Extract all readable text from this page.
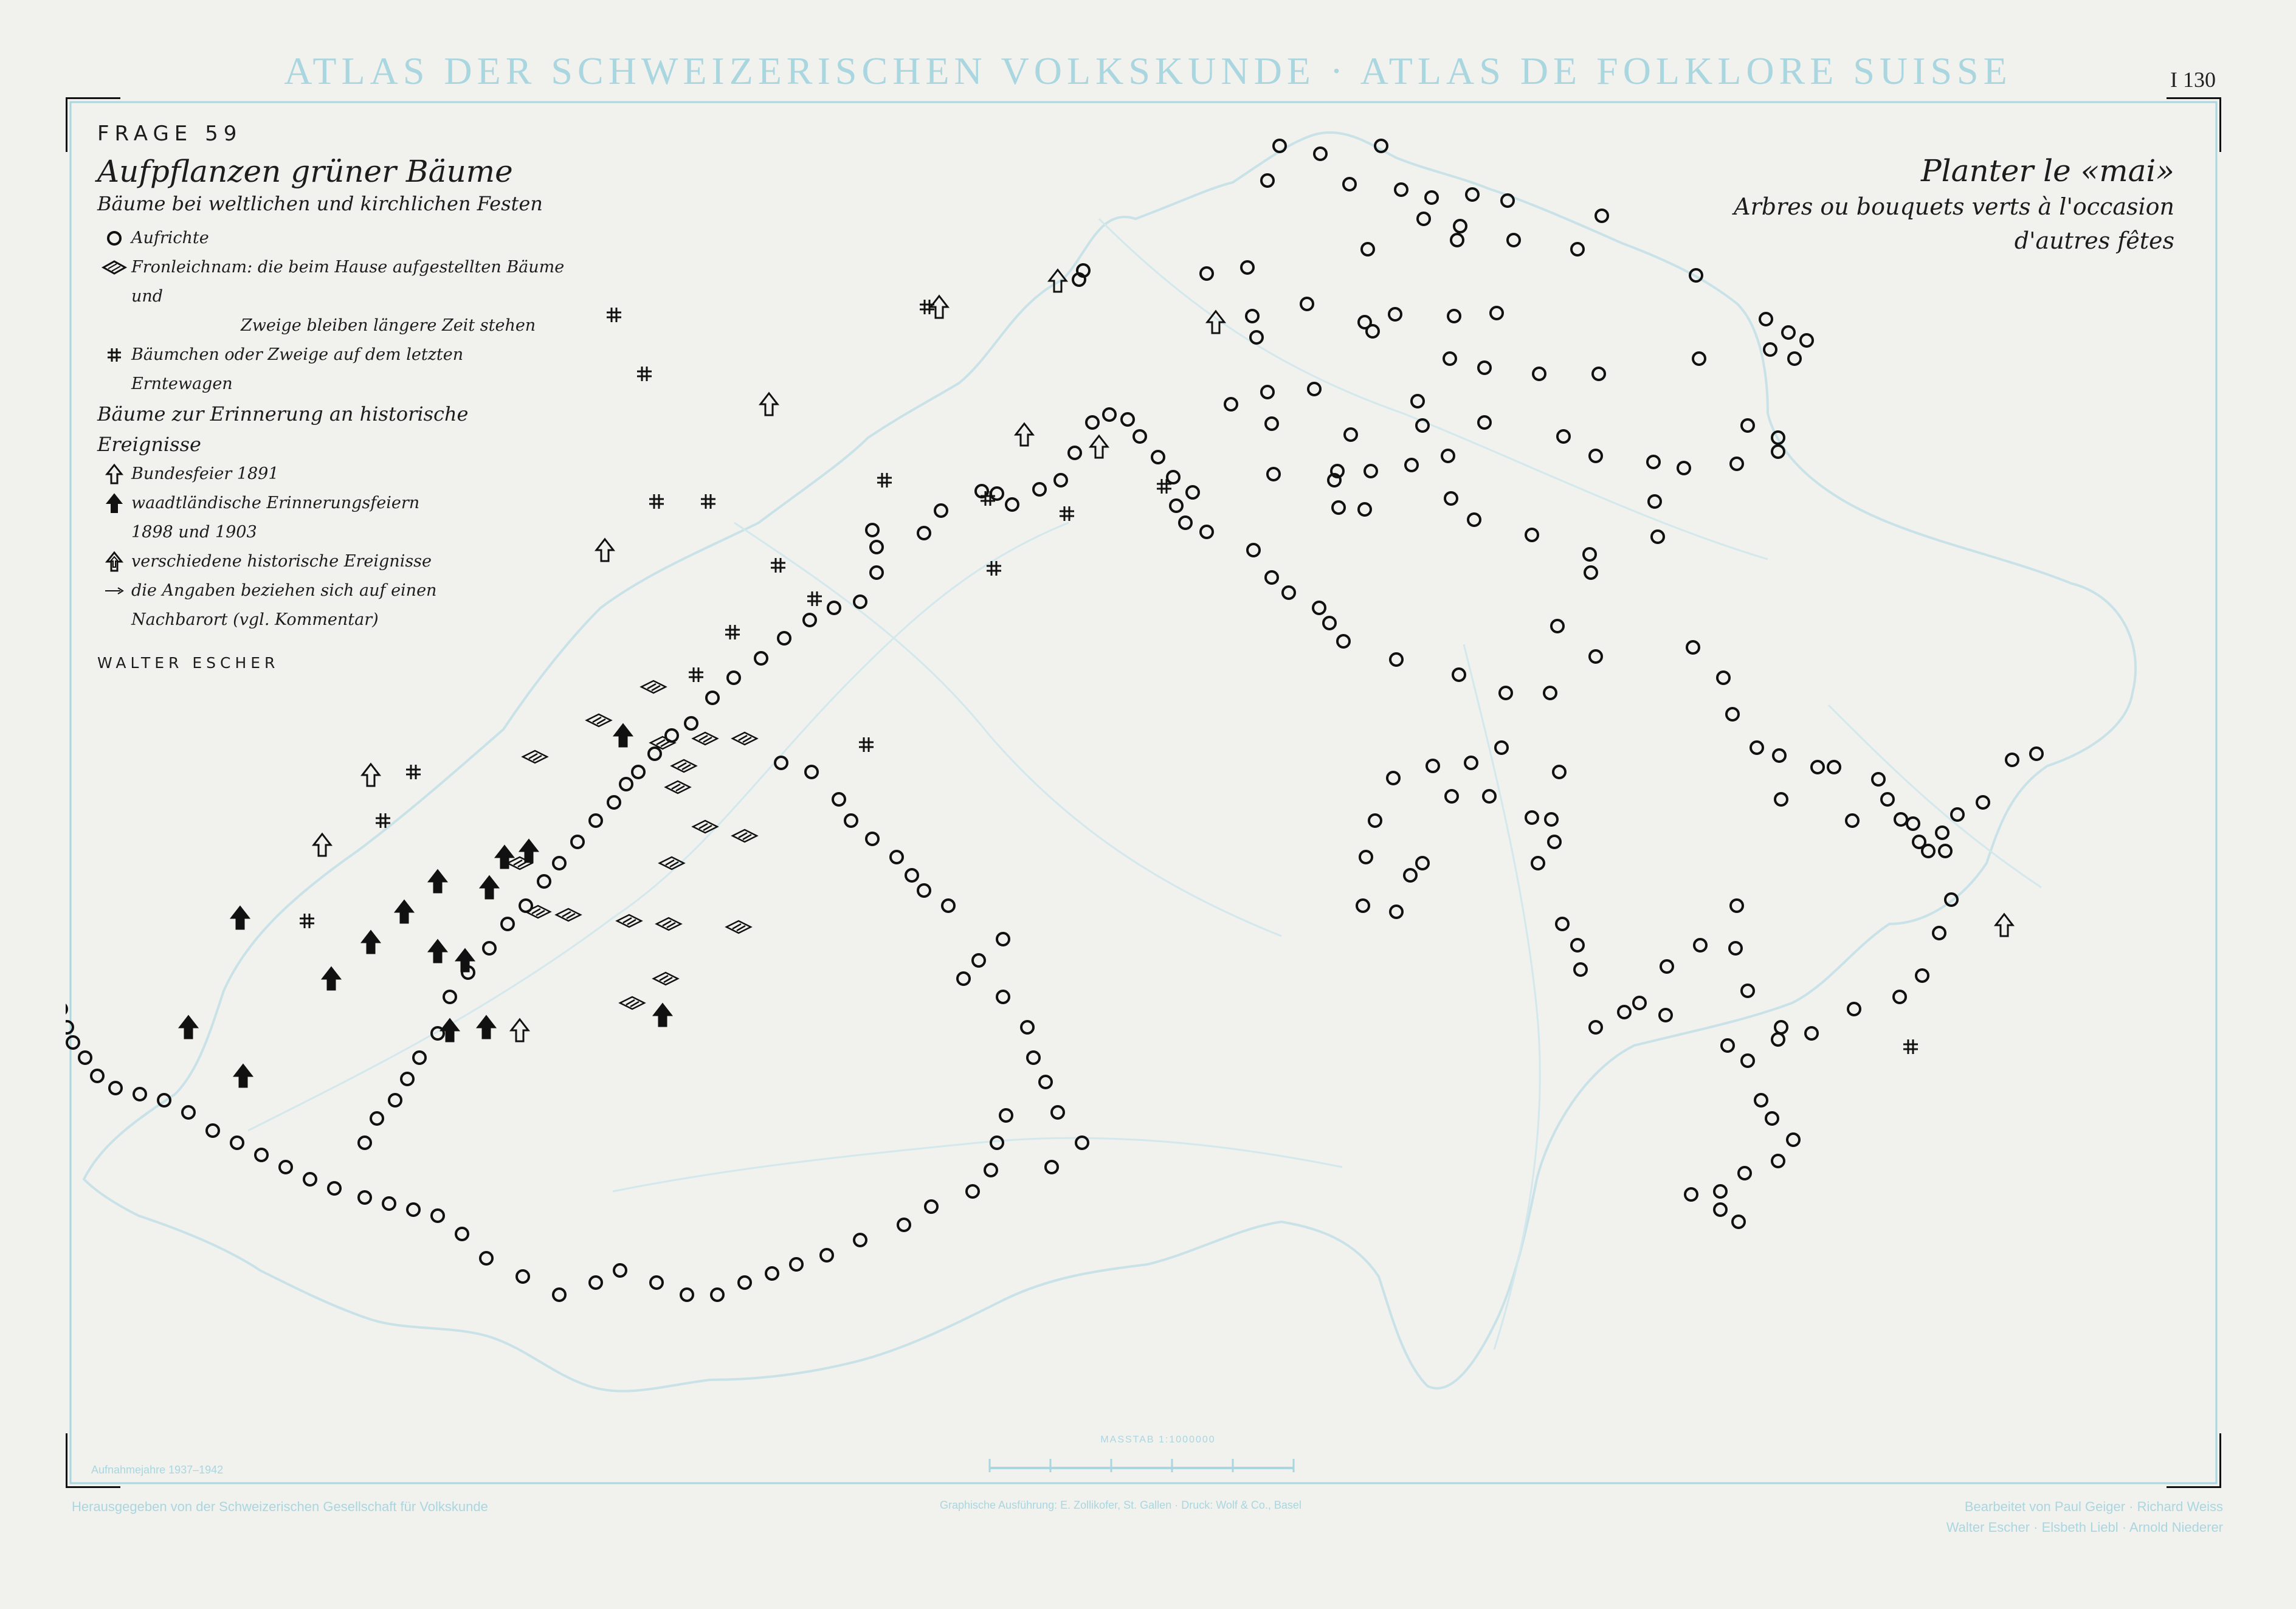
ATLAS DER SCHWEIZERISCHEN VOLKSKUNDE · ATLAS DE FOLKLORE SUISSE	I 130
FRAGE 59
Aufpflanzen grüner Bäume
Bäume bei weltlichen und kirchlichen Festen
Aufrichte
Fronleichnam: die beim Hause aufgestellten Bäume und
Zweige bleiben längere Zeit stehen
Bäumchen oder Zweige auf dem letzten
Erntewagen
Bäume zur Erinnerung an historische Ereignisse
Bundesfeier 1891
waadtländische Erinnerungsfeiern
1898 und 1903
verschiedene historische Ereignisse
die Angaben beziehen sich auf einen
Nachbarort (vgl. Kommentar)
WALTER ESCHER
Planter le «mai»
Arbres ou bouquets verts à l'occasion
d'autres fêtes
MASSTAB 1:1000000
Aufnahmejahre 1937–1942
Herausgegeben von der Schweizerischen Gesellschaft für Volkskunde	Graphische Ausführung: E. Zollikofer, St. Gallen · Druck: Wolf & Co., Basel	Bearbeitet von Paul Geiger · Richard Weiss
Walter Escher · Elsbeth Liebl · Arnold Niederer
